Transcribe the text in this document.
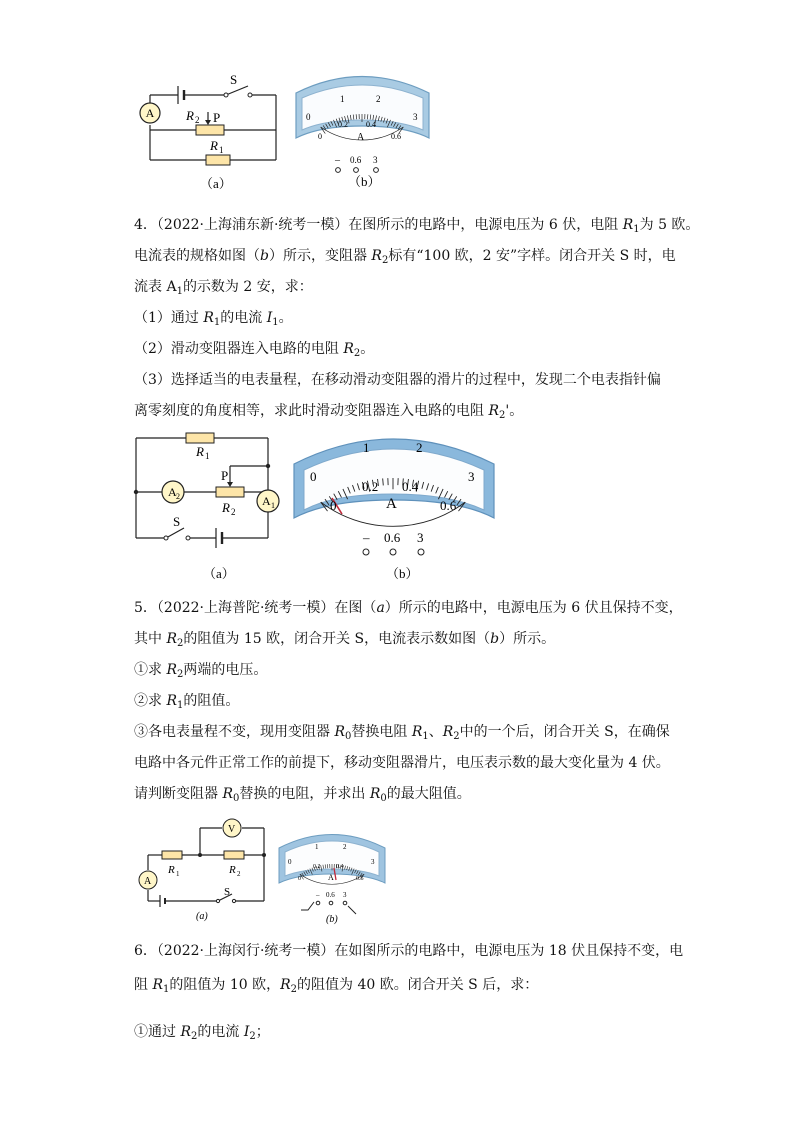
A
S
R 2 P
R 1
（a）
0
1	2
3
0
0.2 0.4
0.6
A
– 0.6 3
（b）

4．（2022·上海浦东新·统考一模）在图所示的电路中，电源电压为 6 伏，电阻 $R_1$为 5 欧。

电流表的规格如图（b）所示，变阻器 $R_2$标有“100 欧，2 安”字样。闭合开关 S 时，电

流表 $A_1$的示数为 2 安，求：

（1）通过 $R_1$的电流 $I_1$。

（2）滑动变阻器连入电路的电阻 $R_2$。

（3）选择适当的电表量程，在移动滑动变阻器的滑片的过程中，发现二个电表指针偏

离零刻度的角度相等，求此时滑动变阻器连入电路的电阻 $R_2'$。

R 1
A 2
P
R 2
A 1
S
（a）
0
1	2
3
0
0.2 0.4
0.6
A
– 0.6 3
（b）

5．（2022·上海普陀·统考一模）在图（a）所示的电路中，电源电压为 6 伏且保持不变，

其中 $R_2$的阻值为 15 欧，闭合开关 S，电流表示数如图（b）所示。

①求 $R_2$两端的电压。

②求 $R_1$的阻值。

③各电表量程不变，现用变阻器 $R_0$替换电阻 $R_1$、$R_2$中的一个后，闭合开关 S，在确保

电路中各元件正常工作的前提下，移动变阻器滑片，电压表示数的最大变化量为 4 伏。

请判断变阻器 $R_0$替换的电阻，并求出 $R_0$的最大阻值。

V
A
R 1	R 2
S
(a)
0
1	2
3
0
0.2	0.4
0.6
A
– 0.6 3
(b)

6．（2022·上海闵行·统考一模）在如图所示的电路中，电源电压为 18 伏且保持不变，电

阻 $R_1$的阻值为 10 欧，$R_2$的阻值为 40 欧。闭合开关 S 后，求：

①通过 $R_2$的电流 $I_2$；
